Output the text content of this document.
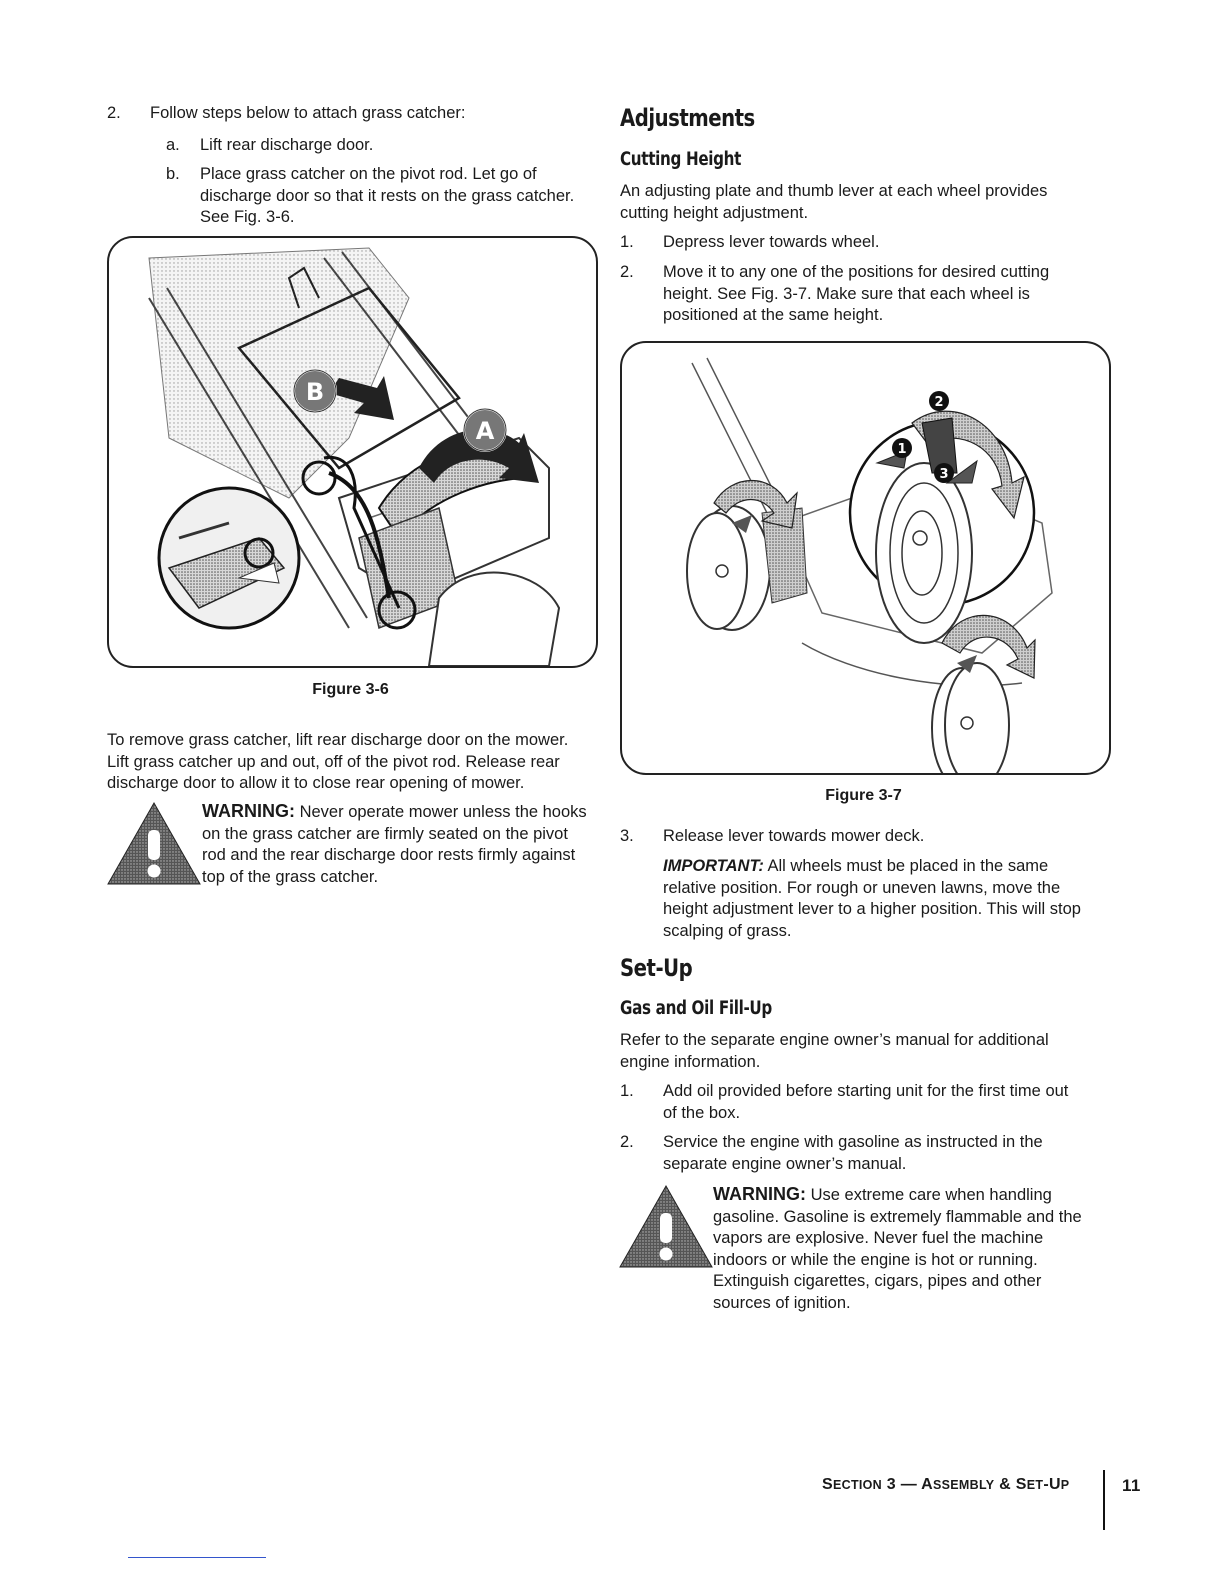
2. Follow steps below to attach grass catcher:
a. Lift rear discharge door.
b. Place grass catcher on the pivot rod. Let go of
discharge door so that it rests on the grass catcher.
See Fig. 3-6.
B
A
Figure 3-6
To remove grass catcher, lift rear discharge door on the mower.
Lift grass catcher up and out, off of the pivot rod. Release rear
discharge door to allow it to close rear opening of mower.
WARNING: Never operate mower unless the hooks
on the grass catcher are firmly seated on the pivot
rod and the rear discharge door rests firmly against
top of the grass catcher.
Adjustments
Cutting Height
An adjusting plate and thumb lever at each wheel provides
cutting height adjustment.
1. Depress lever towards wheel.
2. Move it to any one of the positions for desired cutting
height. See Fig. 3-7. Make sure that each wheel is
positioned at the same height.
2
1
3
Figure 3-7
3. Release lever towards mower deck.
IMPORTANT: All wheels must be placed in the same
relative position. For rough or uneven lawns, move the
height adjustment lever to a higher position. This will stop
scalping of grass.
Set-Up
Gas and Oil Fill-Up
Refer to the separate engine owner’s manual for additional
engine information.
1. Add oil provided before starting unit for the first time out
of the box.
2. Service the engine with gasoline as instructed in the
separate engine owner’s manual.
WARNING: Use extreme care when handling
gasoline. Gasoline is extremely flammable and the
vapors are explosive. Never fuel the machine
indoors or while the engine is hot or running.
Extinguish cigarettes, cigars, pipes and other
sources of ignition.
SECTION 3 — ASSEMBLY & SET-UP	11
